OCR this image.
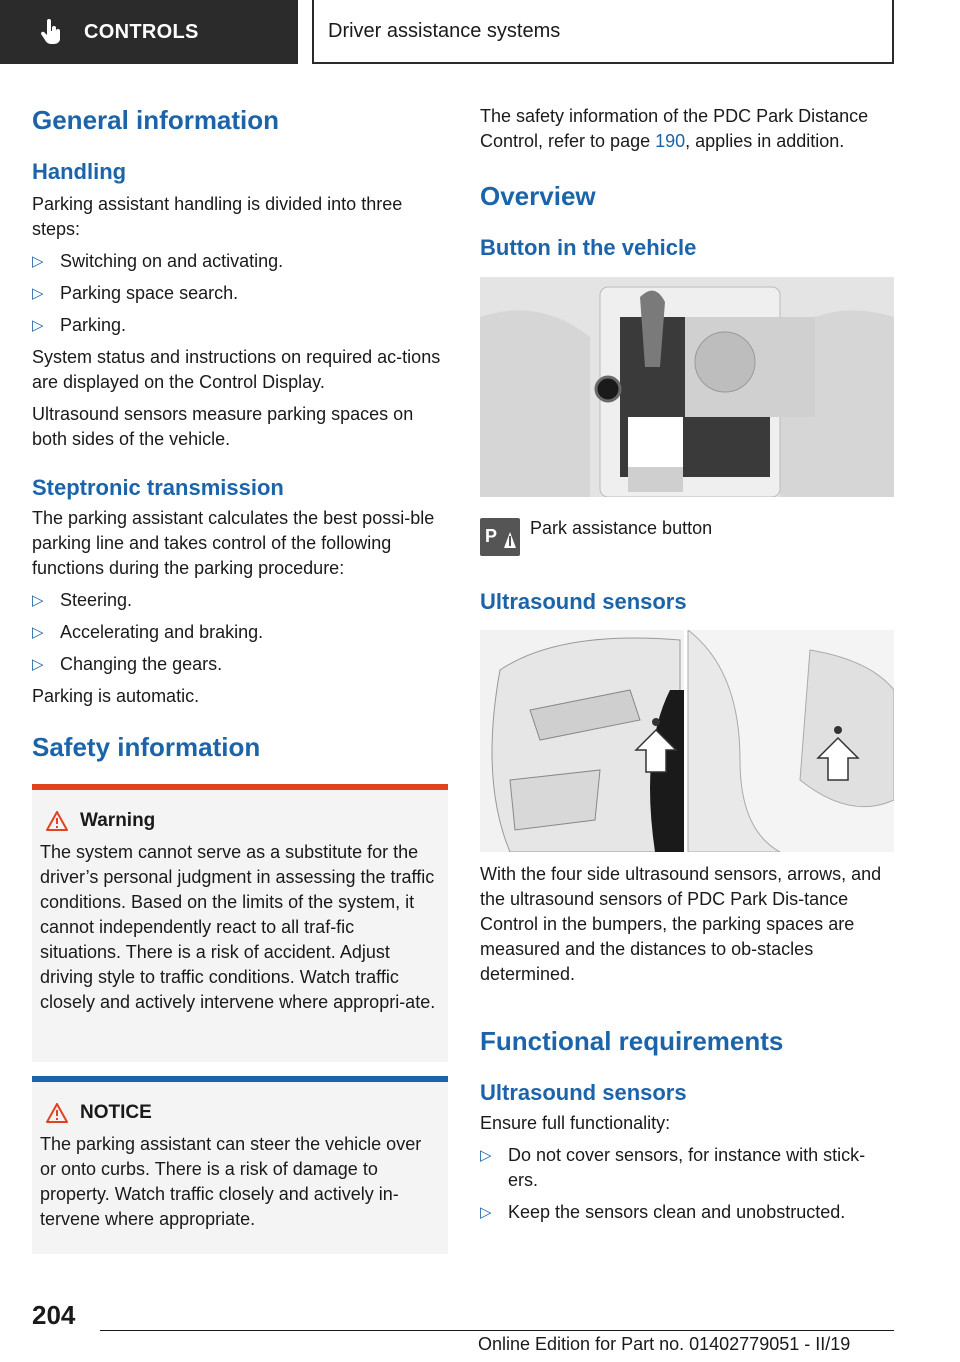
CONTROLS	Driver assistance systems
General information
Handling

Parking assistant handling is divided into three steps:

▷ Switching on and activating.
▷ Parking space search.
▷ Parking.

System status and instructions on required ac-tions are displayed on the Control Display.

Ultrasound sensors measure parking spaces on both sides of the vehicle.

Steptronic transmission

The parking assistant calculates the best possi-ble parking line and takes control of the following functions during the parking procedure:

▷ Steering.
▷ Accelerating and braking.
▷ Changing the gears.

Parking is automatic.

Safety information
Warning
The system cannot serve as a substitute for the driver’s personal judgment in assessing the traffic conditions. Based on the limits of the system, it cannot independently react to all traf-fic situations. There is a risk of accident. Adjust driving style to traffic conditions. Watch traffic closely and actively intervene where appropri-ate.
NOTICE
The parking assistant can steer the vehicle over or onto curbs. There is a risk of damage to property. Watch traffic closely and actively in-tervene where appropriate.

The safety information of the PDC Park Distance Control, refer to page 190, applies in addition.

Overview
Button in the vehicle
P Park assistance button
Ultrasound sensors

With the four side ultrasound sensors, arrows, and the ultrasound sensors of PDC Park Dis-tance Control in the bumpers, the parking spaces are measured and the distances to ob-stacles determined.

Functional requirements
Ultrasound sensors

Ensure full functionality:

▷ Do not cover sensors, for instance with stick-ers.
▷ Keep the sensors clean and unobstructed.
204
Online Edition for Part no. 01402779051 - II/19
